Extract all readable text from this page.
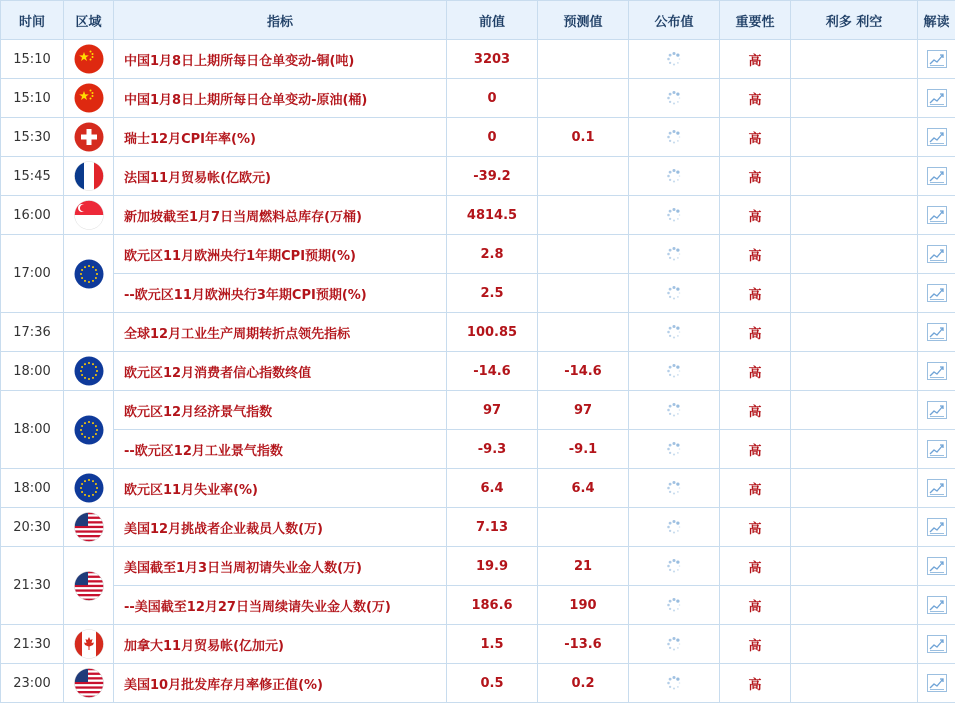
时间	区域	指标	前值	预测值	公布值	重要性	利多 利空	解读
15:10		中国1月8日上期所每日仓单变动-铜(吨)	3203			高		
15:10		中国1月8日上期所每日仓单变动-原油(桶)	0			高		
15:30		瑞士12月CPI年率(%)	0	0.1		高		
15:45		法国11月贸易帐(亿欧元)	-39.2			高		
16:00		新加坡截至1月7日当周燃料总库存(万桶)	4814.5			高		
17:00		欧元区11月欧洲央行1年期CPI预期(%)	2.8			高		
		--欧元区11月欧洲央行3年期CPI预期(%)	2.5			高		
17:36		全球12月工业生产周期转折点领先指标	100.85			高		
18:00		欧元区12月消费者信心指数终值	-14.6	-14.6		高		
18:00		欧元区12月经济景气指数	97	97		高		
		--欧元区12月工业景气指数	-9.3	-9.1		高		
18:00		欧元区11月失业率(%)	6.4	6.4		高		
20:30		美国12月挑战者企业裁员人数(万)	7.13			高		
21:30		美国截至1月3日当周初请失业金人数(万)	19.9	21		高		
		--美国截至12月27日当周续请失业金人数(万)	186.6	190		高		
21:30		加拿大11月贸易帐(亿加元)	1.5	-13.6		高		
23:00		美国10月批发库存月率修正值(%)	0.5	0.2		高		
